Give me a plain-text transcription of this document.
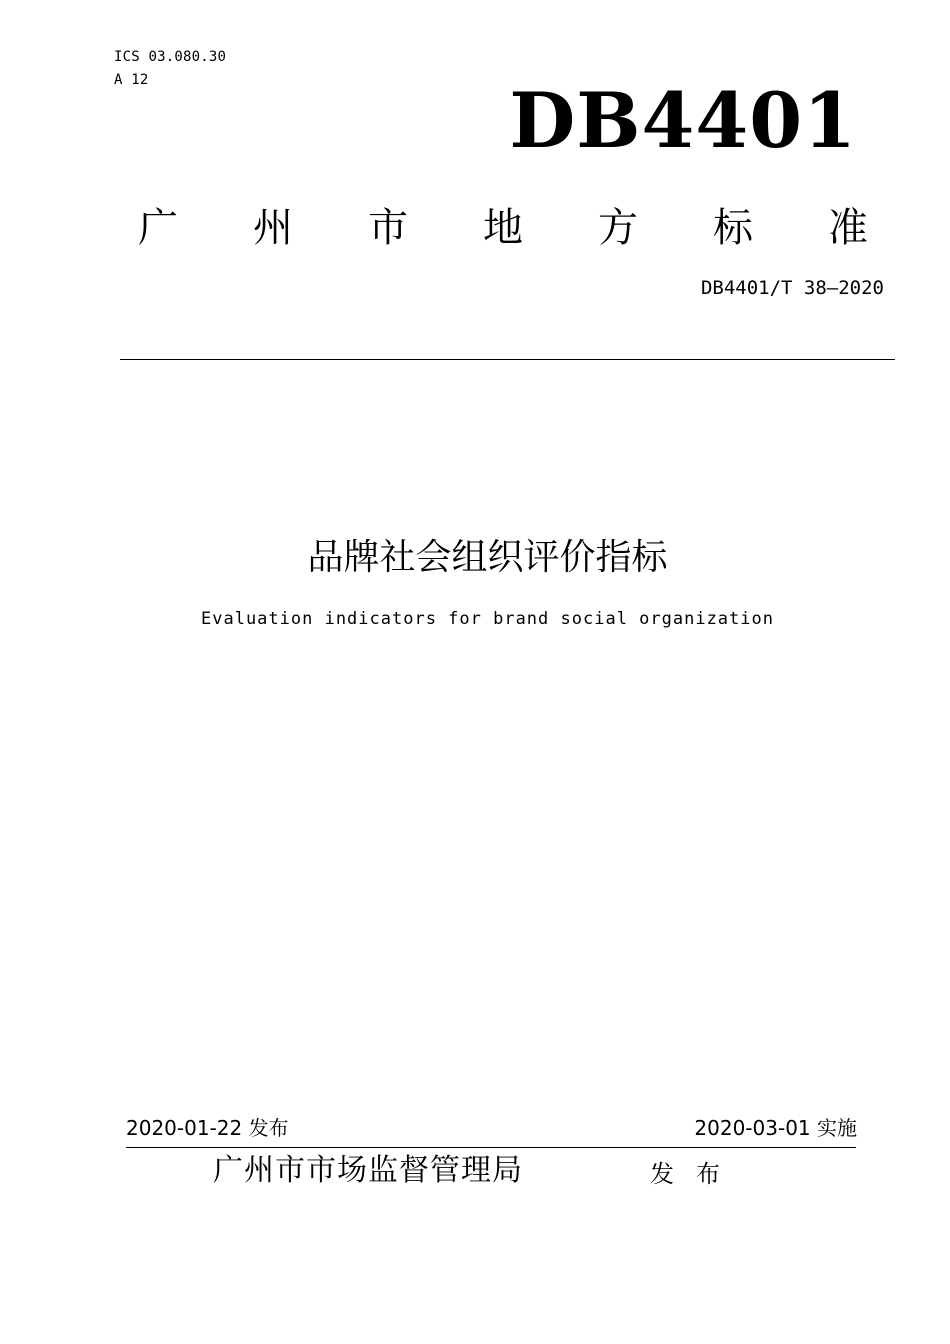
ICS 03.080.30
A 12	DB4401
广 州 市 地 方 标 准
DB4401/T 38—2020
品牌社会组织评价指标
Evaluation indicators for brand social organization
2020-01-22 发布	2020-03-01 实施
广州市市场监督管理局	发布
